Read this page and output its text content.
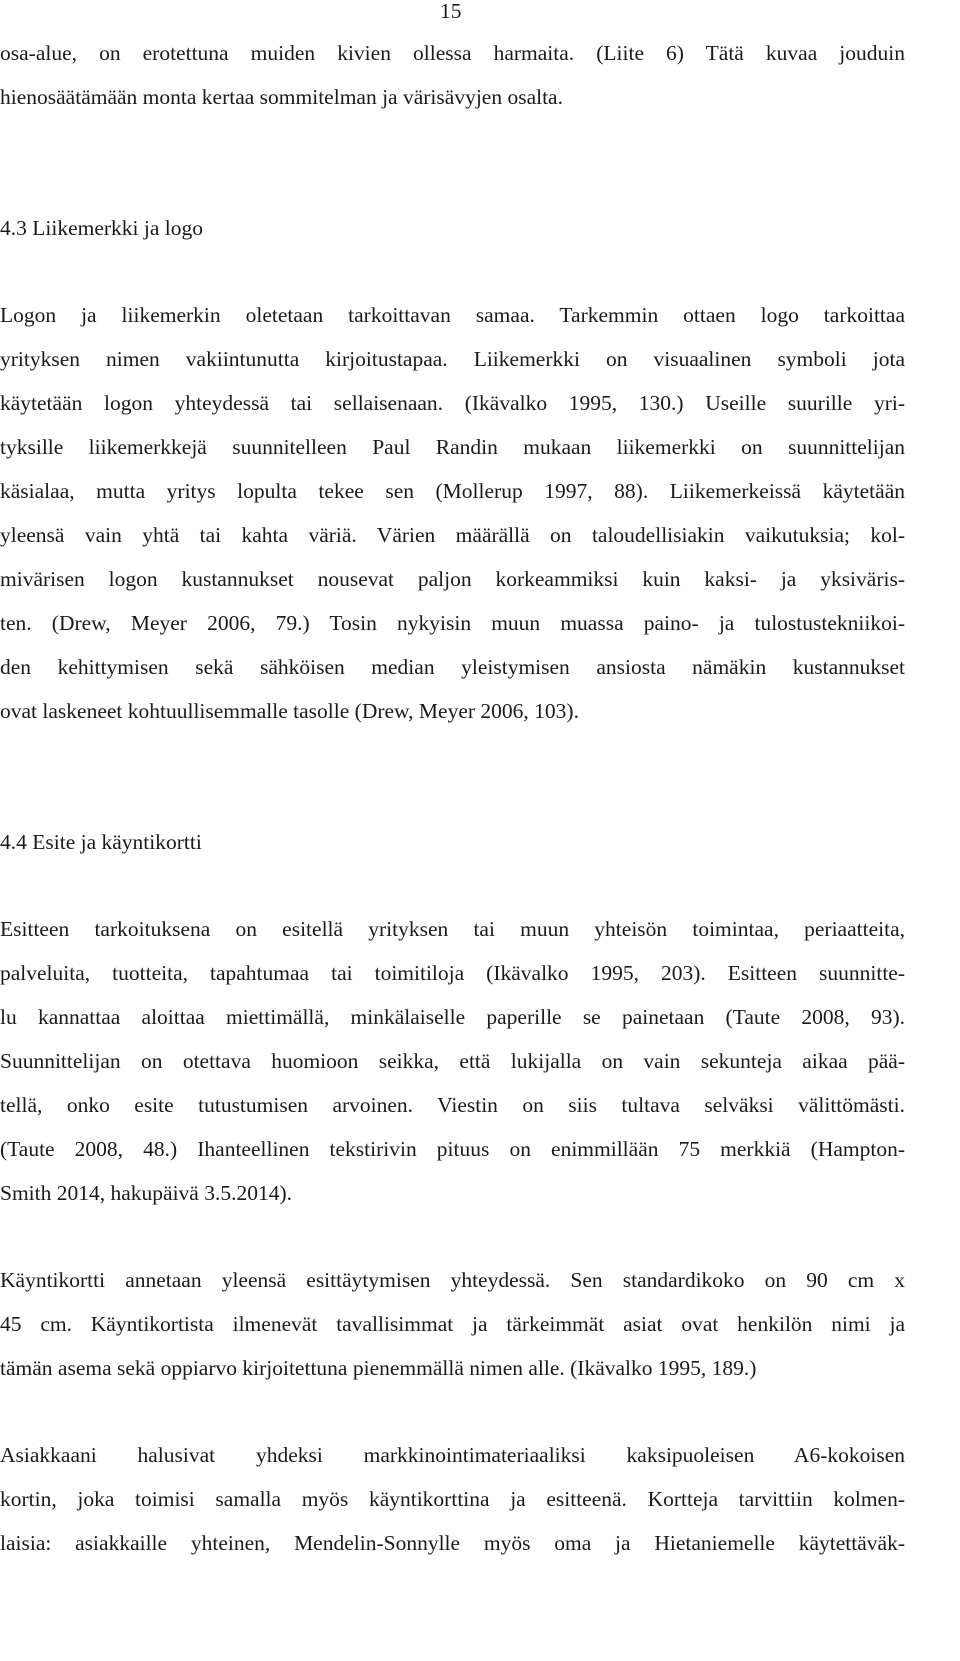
15
osa-alue, on erotettuna muiden kivien ollessa harmaita. (Liite 6) Tätä kuvaa jouduin
hienosäätämään monta kertaa sommitelman ja värisävyjen osalta.
4.3 Liikemerkki ja logo
Logon ja liikemerkin oletetaan tarkoittavan samaa. Tarkemmin ottaen logo tarkoittaa
yrityksen nimen vakiintunutta kirjoitustapaa. Liikemerkki on visuaalinen symboli jota
käytetään logon yhteydessä tai sellaisenaan. (Ikävalko 1995, 130.) Useille suurille yri-
tyksille liikemerkkejä suunnitelleen Paul Randin mukaan liikemerkki on suunnittelijan
käsialaa, mutta yritys lopulta tekee sen (Mollerup 1997, 88). Liikemerkeissä käytetään
yleensä vain yhtä tai kahta väriä. Värien määrällä on taloudellisiakin vaikutuksia; kol-
mivärisen logon kustannukset nousevat paljon korkeammiksi kuin kaksi- ja yksiväris-
ten. (Drew, Meyer 2006, 79.) Tosin nykyisin muun muassa paino- ja tulostustekniikoi-
den kehittymisen sekä sähköisen median yleistymisen ansiosta nämäkin kustannukset
ovat laskeneet kohtuullisemmalle tasolle (Drew, Meyer 2006, 103).
4.4 Esite ja käyntikortti
Esitteen tarkoituksena on esitellä yrityksen tai muun yhteisön toimintaa, periaatteita,
palveluita, tuotteita, tapahtumaa tai toimitiloja (Ikävalko 1995, 203). Esitteen suunnitte-
lu kannattaa aloittaa miettimällä, minkälaiselle paperille se painetaan (Taute 2008, 93).
Suunnittelijan on otettava huomioon seikka, että lukijalla on vain sekunteja aikaa pää-
tellä, onko esite tutustumisen arvoinen. Viestin on siis tultava selväksi välittömästi.
(Taute 2008, 48.) Ihanteellinen tekstirivin pituus on enimmillään 75 merkkiä (Hampton-
Smith 2014, hakupäivä 3.5.2014).
Käyntikortti annetaan yleensä esittäytymisen yhteydessä. Sen standardikoko on 90 cm x
45 cm. Käyntikortista ilmenevät tavallisimmat ja tärkeimmät asiat ovat henkilön nimi ja
tämän asema sekä oppiarvo kirjoitettuna pienemmällä nimen alle. (Ikävalko 1995, 189.)
Asiakkaani halusivat yhdeksi markkinointimateriaaliksi kaksipuoleisen A6-kokoisen
kortin, joka toimisi samalla myös käyntikorttina ja esitteenä. Kortteja tarvittiin kolmen-
laisia: asiakkaille yhteinen, Mendelin-Sonnylle myös oma ja Hietaniemelle käytettäväk-
